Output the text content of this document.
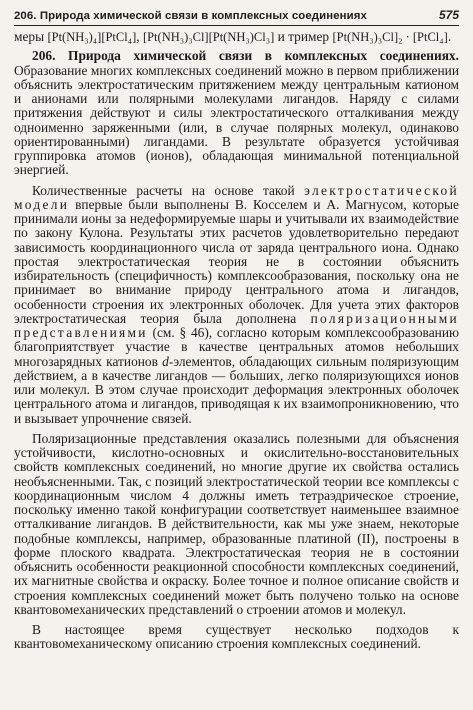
206. Природа химической связи в комплексных соединениях	575

меры [Pt(NH₃)₄][PtCl₄], [Pt(NH₃)₃Cl][Pt(NH₃)Cl₃] и тример [Pt(NH₃)₃Cl]₂ · [PtCl₄].

206. Природа химической связи в комплексных соединениях. Образование многих комплексных соединений можно в первом приближении объяснить электростатическим притяжением между центральным катионом и анионами или полярными молекулами лигандов. Наряду с силами притяжения действуют и силы электростатического отталкивания между одноименно заряженными (или, в случае полярных молекул, одинаково ориентированными) лигандами. В результате образуется устойчивая группировка атомов (ионов), обладающая минимальной потенциальной энергией.

Количественные расчеты на основе такой электростатической модели впервые были выполнены В. Косселем и А. Магнусом, которые принимали ионы за недеформируемые шары и учитывали их взаимодействие по закону Кулона. Результаты этих расчетов удовлетворительно передают зависимость координационного числа от заряда центрального иона. Однако простая электростатическая теория не в состоянии объяснить избирательность (специфичность) комплексообразования, поскольку она не принимает во внимание природу центрального атома и лигандов, особенности строения их электронных оболочек. Для учета этих факторов электростатическая теория была дополнена поляризационными представлениями (см. § 46), согласно которым комплексообразованию благоприятствует участие в качестве центральных атомов небольших многозарядных катионов d-элементов, обладающих сильным поляризующим действием, а в качестве лигандов — больших, легко поляризующихся ионов или молекул. В этом случае происходит деформация электронных оболочек центрального атома и лигандов, приводящая к их взаимопроникновению, что и вызывает упрочнение связей.

Поляризационные представления оказались полезными для объяснения устойчивости, кислотно-основных и окислительно-восстановительных свойств комплексных соединений, но многие другие их свойства остались необъясненными. Так, с позиций электростатической теории все комплексы с координационным числом 4 должны иметь тетраэдрическое строение, поскольку именно такой конфигурации соответствует наименьшее взаимное отталкивание лигандов. В действительности, как мы уже знаем, некоторые подобные комплексы, например, образованные платиной (II), построены в форме плоского квадрата. Электростатическая теория не в состоянии объяснить особенности реакционной способности комплексных соединений, их магнитные свойства и окраску. Более точное и полное описание свойств и строения комплексных соединений может быть получено только на основе квантовомеханических представлений о строении атомов и молекул.

В настоящее время существует несколько подходов к квантовомеханическому описанию строения комплексных соединений.
